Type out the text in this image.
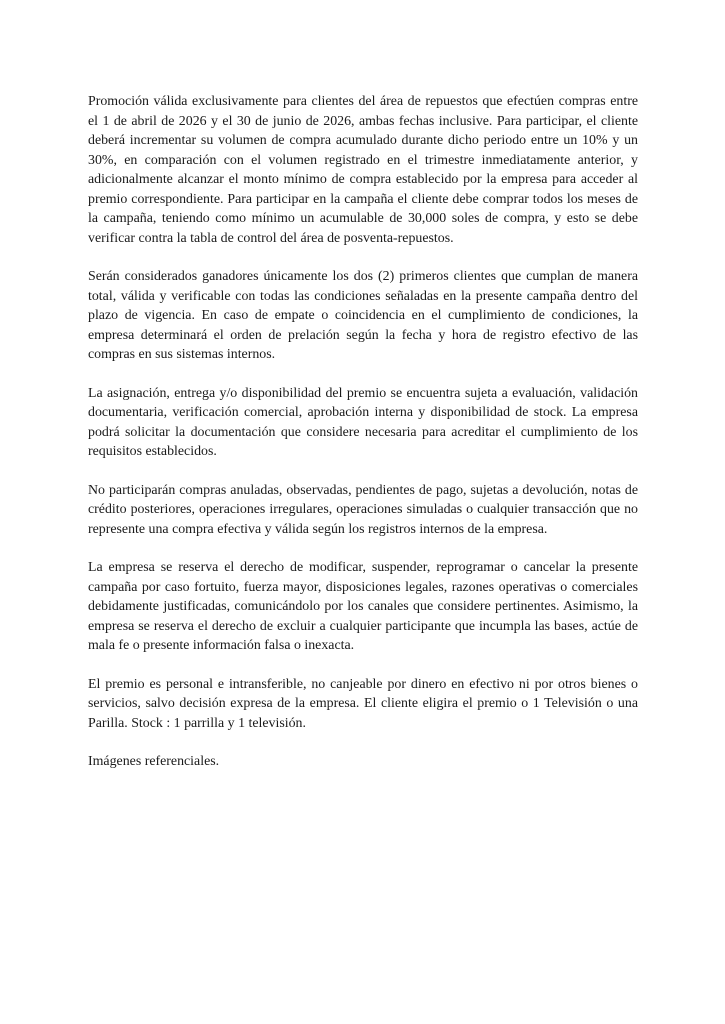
Promoción válida exclusivamente para clientes del área de repuestos que efectúen compras entre el 1 de abril de 2026 y el 30 de junio de 2026, ambas fechas inclusive. Para participar, el cliente deberá incrementar su volumen de compra acumulado durante dicho periodo entre un 10% y un 30%, en comparación con el volumen registrado en el trimestre inmediatamente anterior, y adicionalmente alcanzar el monto mínimo de compra establecido por la empresa para acceder al premio correspondiente. Para participar en la campaña el cliente debe comprar todos los meses de la campaña, teniendo como mínimo un acumulable de 30,000 soles de compra, y esto se debe verificar contra la tabla de control del área de posventa-repuestos.

Serán considerados ganadores únicamente los dos (2) primeros clientes que cumplan de manera total, válida y verificable con todas las condiciones señaladas en la presente campaña dentro del plazo de vigencia. En caso de empate o coincidencia en el cumplimiento de condiciones, la empresa determinará el orden de prelación según la fecha y hora de registro efectivo de las compras en sus sistemas internos.

La asignación, entrega y/o disponibilidad del premio se encuentra sujeta a evaluación, validación documentaria, verificación comercial, aprobación interna y disponibilidad de stock. La empresa podrá solicitar la documentación que considere necesaria para acreditar el cumplimiento de los requisitos establecidos.

No participarán compras anuladas, observadas, pendientes de pago, sujetas a devolución, notas de crédito posteriores, operaciones irregulares, operaciones simuladas o cualquier transacción que no represente una compra efectiva y válida según los registros internos de la empresa.

La empresa se reserva el derecho de modificar, suspender, reprogramar o cancelar la presente campaña por caso fortuito, fuerza mayor, disposiciones legales, razones operativas o comerciales debidamente justificadas, comunicándolo por los canales que considere pertinentes. Asimismo, la empresa se reserva el derecho de excluir a cualquier participante que incumpla las bases, actúe de mala fe o presente información falsa o inexacta.

El premio es personal e intransferible, no canjeable por dinero en efectivo ni por otros bienes o servicios, salvo decisión expresa de la empresa. El cliente eligira el premio o 1 Televisión o una Parilla. Stock : 1 parrilla y 1 televisión.

Imágenes referenciales.
